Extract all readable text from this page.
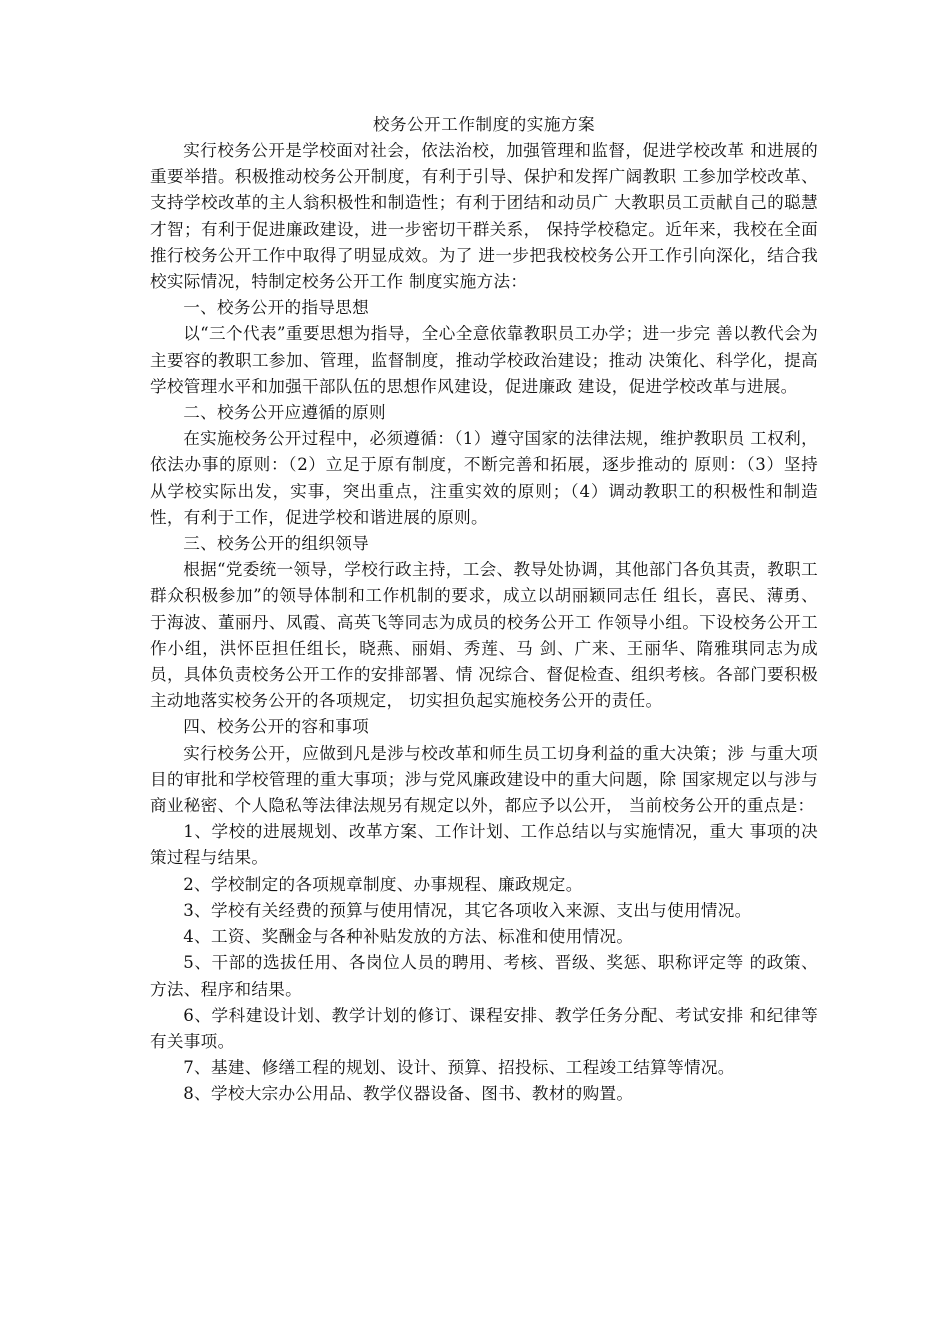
校务公开工作制度的实施方案

实行校务公开是学校面对社会，依法治校，加强管理和监督，促进学校改革 和进展的重要举措。积极推动校务公开制度，有利于引导、保护和发挥广阔教职 工参加学校改革、支持学校改革的主人翁积极性和制造性；有利于团结和动员广 大教职员工贡献自己的聪慧才智；有利于促进廉政建设，进一步密切干群关系， 保持学校稳定。近年来，我校在全面推行校务公开工作中取得了明显成效。为了 进一步把我校校务公开工作引向深化，结合我校实际情况，特制定校务公开工作 制度实施方法：

一、校务公开的指导思想

以“三个代表”重要思想为指导，全心全意依靠教职员工办学；进一步完 善以教代会为主要容的教职工参加、管理，监督制度，推动学校政治建设；推动 决策化、科学化，提高学校管理水平和加强干部队伍的思想作风建设，促进廉政 建设，促进学校改革与进展。

二、校务公开应遵循的原则

在实施校务公开过程中，必须遵循：（1）遵守国家的法律法规，维护教职员 工权利，依法办事的原则：（2）立足于原有制度，不断完善和拓展，逐步推动的 原则：（3）坚持从学校实际出发，实事，突出重点，注重实效的原则；（4）调动教职工的积极性和制造性，有利于工作，促进学校和谐进展的原则。

三、校务公开的组织领导

根据“党委统一领导，学校行政主持，工会、教导处协调，其他部门各负其责，教职工群众积极参加”的领导体制和工作机制的要求，成立以胡丽颖同志任 组长，喜民、薄勇、于海波、董丽丹、凤霞、高英飞等同志为成员的校务公开工 作领导小组。下设校务公开工作小组，洪怀臣担任组长，晓燕、丽娟、秀莲、马 剑、广来、王丽华、隋雅琪同志为成员，具体负责校务公开工作的安排部署、情 况综合、督促检查、组织考核。各部门要积极主动地落实校务公开的各项规定， 切实担负起实施校务公开的责任。

四、校务公开的容和事项

实行校务公开，应做到凡是涉与校改革和师生员工切身利益的重大决策；涉 与重大项目的审批和学校管理的重大事项；涉与党风廉政建设中的重大问题，除 国家规定以与涉与商业秘密、个人隐私等法律法规另有规定以外，都应予以公开， 当前校务公开的重点是：

1、学校的进展规划、改革方案、工作计划、工作总结以与实施情况，重大 事项的决策过程与结果。

2、学校制定的各项规章制度、办事规程、廉政规定。

3、学校有关经费的预算与使用情况，其它各项收入来源、支出与使用情况。

4、工资、奖酬金与各种补贴发放的方法、标准和使用情况。

5、干部的选拔任用、各岗位人员的聘用、考核、晋级、奖惩、职称评定等 的政策、方法、程序和结果。

6、学科建设计划、教学计划的修订、课程安排、教学任务分配、考试安排 和纪律等有关事项。

7、基建、修缮工程的规划、设计、预算、招投标、工程竣工结算等情况。

8、学校大宗办公用品、教学仪器设备、图书、教材的购置。
